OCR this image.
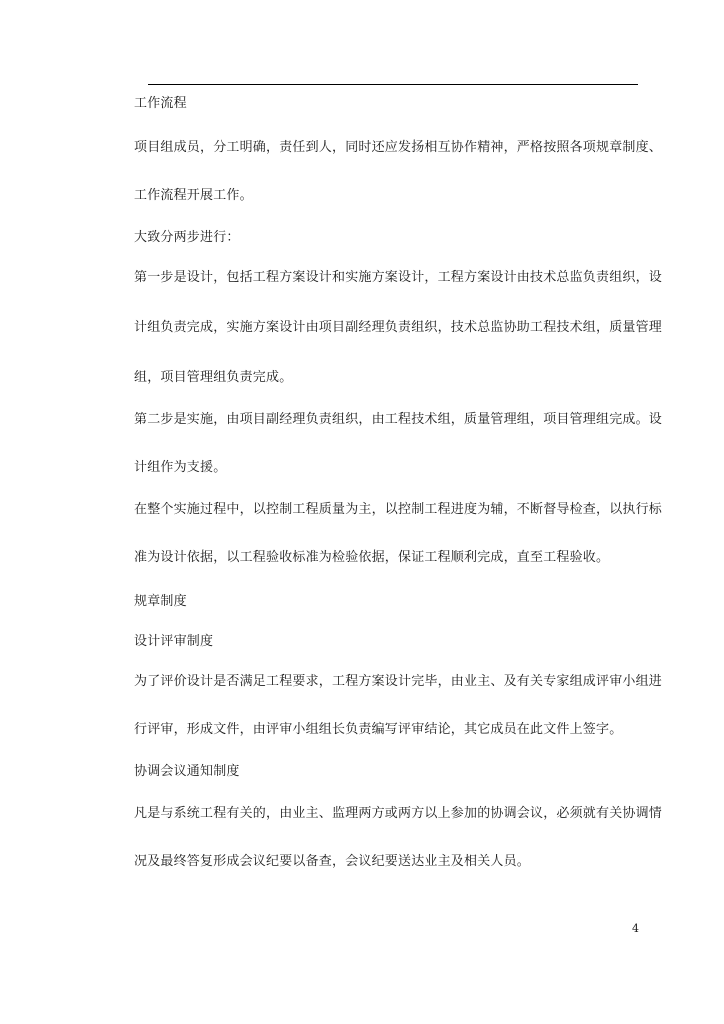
工作流程
项目组成员，分工明确，责任到人，同时还应发扬相互协作精神，严格按照各项规章制度、
工作流程开展工作。
大致分两步进行：
第一步是设计，包括工程方案设计和实施方案设计，工程方案设计由技术总监负责组织，设
计组负责完成，实施方案设计由项目副经理负责组织，技术总监协助工程技术组，质量管理
组，项目管理组负责完成。
第二步是实施，由项目副经理负责组织，由工程技术组，质量管理组，项目管理组完成。设
计组作为支援。
在整个实施过程中，以控制工程质量为主，以控制工程进度为辅，不断督导检查，以执行标
准为设计依据，以工程验收标准为检验依据，保证工程顺利完成，直至工程验收。
规章制度
设计评审制度
为了评价设计是否满足工程要求，工程方案设计完毕，由业主、及有关专家组成评审小组进
行评审，形成文件，由评审小组组长负责编写评审结论，其它成员在此文件上签字。
协调会议通知制度
凡是与系统工程有关的，由业主、监理两方或两方以上参加的协调会议，必须就有关协调情
况及最终答复形成会议纪要以备查，会议纪要送达业主及相关人员。
4
